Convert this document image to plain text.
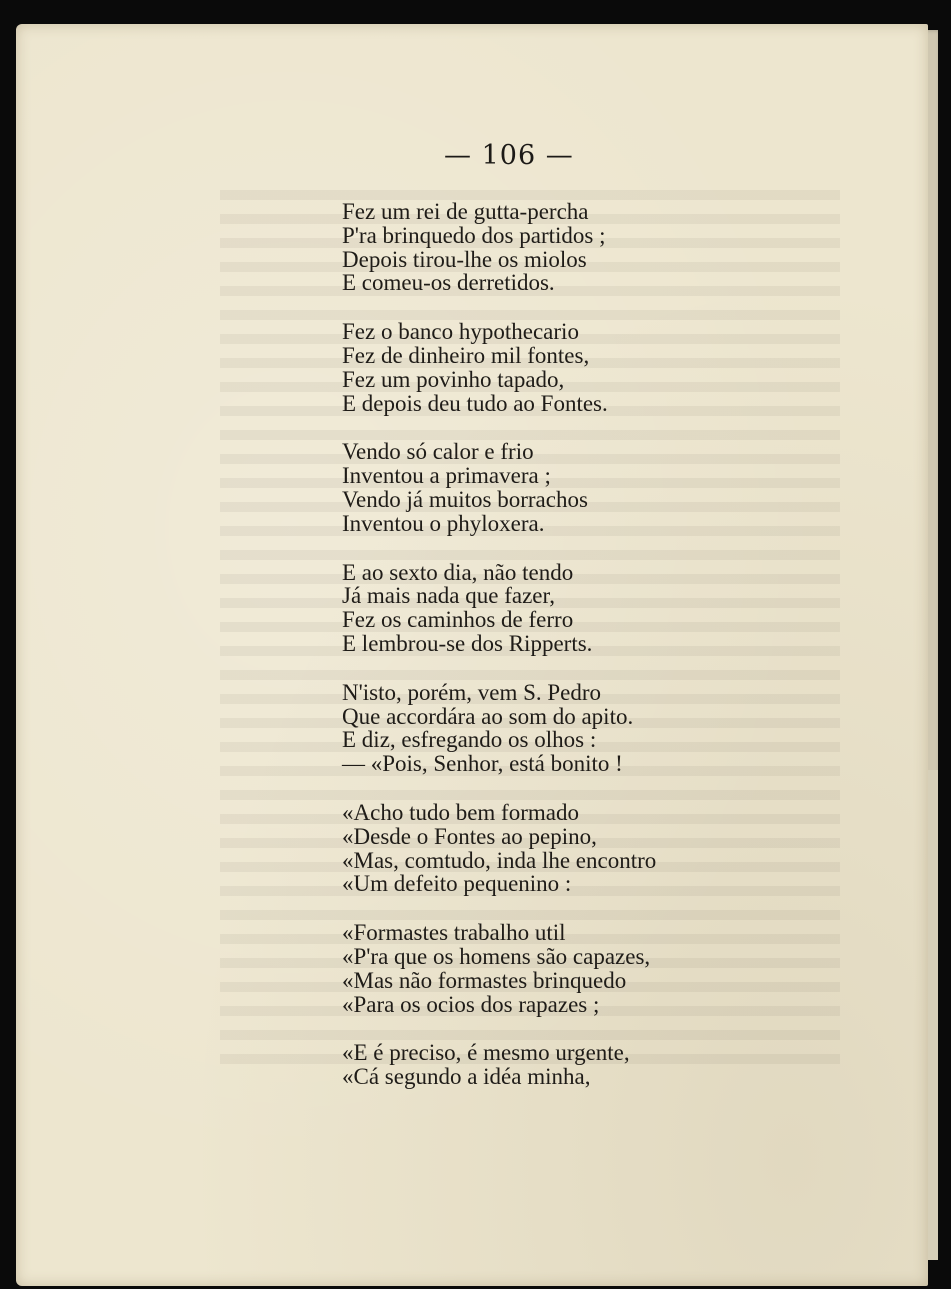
— 106 —
Fez um rei de gutta-percha
P'ra brinquedo dos partidos ;
Depois tirou-lhe os miolos
E comeu-os derretidos.
Fez o banco hypothecario
Fez de dinheiro mil fontes,
Fez um povinho tapado,
E depois deu tudo ao Fontes.
Vendo só calor e frio
Inventou a primavera ;
Vendo já muitos borrachos
Inventou o phyloxera.
E ao sexto dia, não tendo
Já mais nada que fazer,
Fez os caminhos de ferro
E lembrou-se dos Ripperts.
N'isto, porém, vem S. Pedro
Que accordára ao som do apito.
E diz, esfregando os olhos :
— «Pois, Senhor, está bonito !
«Acho tudo bem formado
«Desde o Fontes ao pepino,
«Mas, comtudo, inda lhe encontro
«Um defeito pequenino :
«Formastes trabalho util
«P'ra que os homens são capazes,
«Mas não formastes brinquedo
«Para os ocios dos rapazes ;
«E é preciso, é mesmo urgente,
«Cá segundo a idéa minha,
